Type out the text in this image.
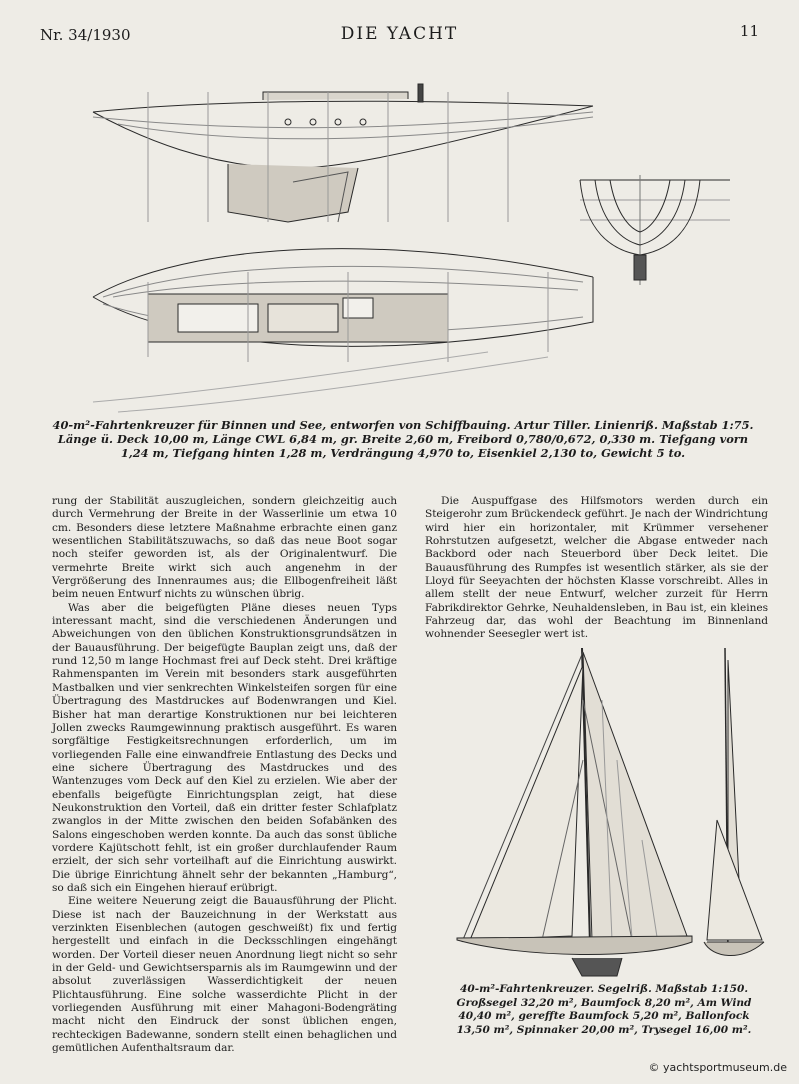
Nr. 34/1930	DIE YACHT	11
40-m²-Fahrtenkreuzer für Binnen und See, entworfen von Schiffbauing. Artur Tiller. Linienriß. Maßstab 1:75. Länge ü. Deck 10,00 m, Länge CWL 6,84 m, gr. Breite 2,60 m, Freibord 0,780/0,672, 0,330 m. Tiefgang vorn 1,24 m, Tiefgang hinten 1,28 m, Verdrängung 4,970 to, Eisenkiel 2,130 to, Gewicht 5 to.

rung der Stabilität auszugleichen, sondern gleichzeitig auch durch Vermehrung der Breite in der Wasserlinie um etwa 10 cm. Besonders diese letztere Maßnahme erbrachte einen ganz wesentlichen Stabilitätszuwachs, so daß das neue Boot sogar noch steifer geworden ist, als der Originalentwurf. Die vermehrte Breite wirkt sich auch angenehm in der Vergrößerung des Innenraumes aus; die Ellbogenfreiheit läßt beim neuen Entwurf nichts zu wünschen übrig.

Was aber die beigefügten Pläne dieses neuen Typs interessant macht, sind die verschiedenen Änderungen und Abweichungen von den üblichen Konstruktionsgrundsätzen in der Bauausführung. Der beigefügte Bauplan zeigt uns, daß der rund 12,50 m lange Hochmast frei auf Deck steht. Drei kräftige Rahmenspanten im Verein mit besonders stark ausgeführten Mastbalken und vier senkrechten Winkelsteifen sorgen für eine Übertragung des Mastdruckes auf Bodenwrangen und Kiel. Bisher hat man derartige Konstruktionen nur bei leichteren Jollen zwecks Raumgewinnung praktisch ausgeführt. Es waren sorgfältige Festigkeitsrechnungen erforderlich, um im vorliegenden Falle eine einwandfreie Entlastung des Decks und eine sichere Übertragung des Mastdruckes und des Wantenzuges vom Deck auf den Kiel zu erzielen. Wie aber der ebenfalls beigefügte Einrichtungsplan zeigt, hat diese Neukonstruktion den Vorteil, daß ein dritter fester Schlafplatz zwanglos in der Mitte zwischen den beiden Sofabänken des Salons eingeschoben werden konnte. Da auch das sonst übliche vordere Kajütschott fehlt, ist ein großer durchlaufender Raum erzielt, der sich sehr vorteilhaft auf die Einrichtung auswirkt. Die übrige Einrichtung ähnelt sehr der bekannten „Hamburg“, so daß sich ein Eingehen hierauf erübrigt.

Eine weitere Neuerung zeigt die Bauausführung der Plicht. Diese ist nach der Bauzeichnung in der Werkstatt aus verzinkten Eisenblechen (autogen geschweißt) fix und fertig hergestellt und einfach in die Decksschlingen eingehängt worden. Der Vorteil dieser neuen Anordnung liegt nicht so sehr in der Geld- und Gewichtsersparnis als im Raumgewinn und der absolut zuverlässigen Wasserdichtigkeit der neuen Plichtausführung. Eine solche wasserdichte Plicht in der vorliegenden Ausführung mit einer Mahagoni-Bodengräting macht nicht den Eindruck der sonst üblichen engen, rechteckigen Badewanne, sondern stellt einen behaglichen und gemütlichen Aufenthaltsraum dar.

Die Auspuffgase des Hilfsmotors werden durch ein Steigerohr zum Brückendeck geführt. Je nach der Windrichtung wird hier ein horizontaler, mit Krümmer versehener Rohrstutzen aufgesetzt, welcher die Abgase entweder nach Backbord oder nach Steuerbord über Deck leitet. Die Bauausführung des Rumpfes ist wesentlich stärker, als sie der Lloyd für Seeyachten der höchsten Klasse vorschreibt. Alles in allem stellt der neue Entwurf, welcher zurzeit für Herrn Fabrikdirektor Gehrke, Neuhaldensleben, in Bau ist, ein kleines Fahrzeug dar, das wohl der Beachtung im Binnenland wohnender Seesegler wert ist.

40-m²-Fahrtenkreuzer. Segelriß. Maßstab 1:150. Großsegel 32,20 m², Baumfock 8,20 m², Am Wind 40,40 m², gereffte Baumfock 5,20 m², Ballonfock 13,50 m², Spinnaker 20,00 m², Trysegel 16,00 m².
© yachtsportmuseum.de
